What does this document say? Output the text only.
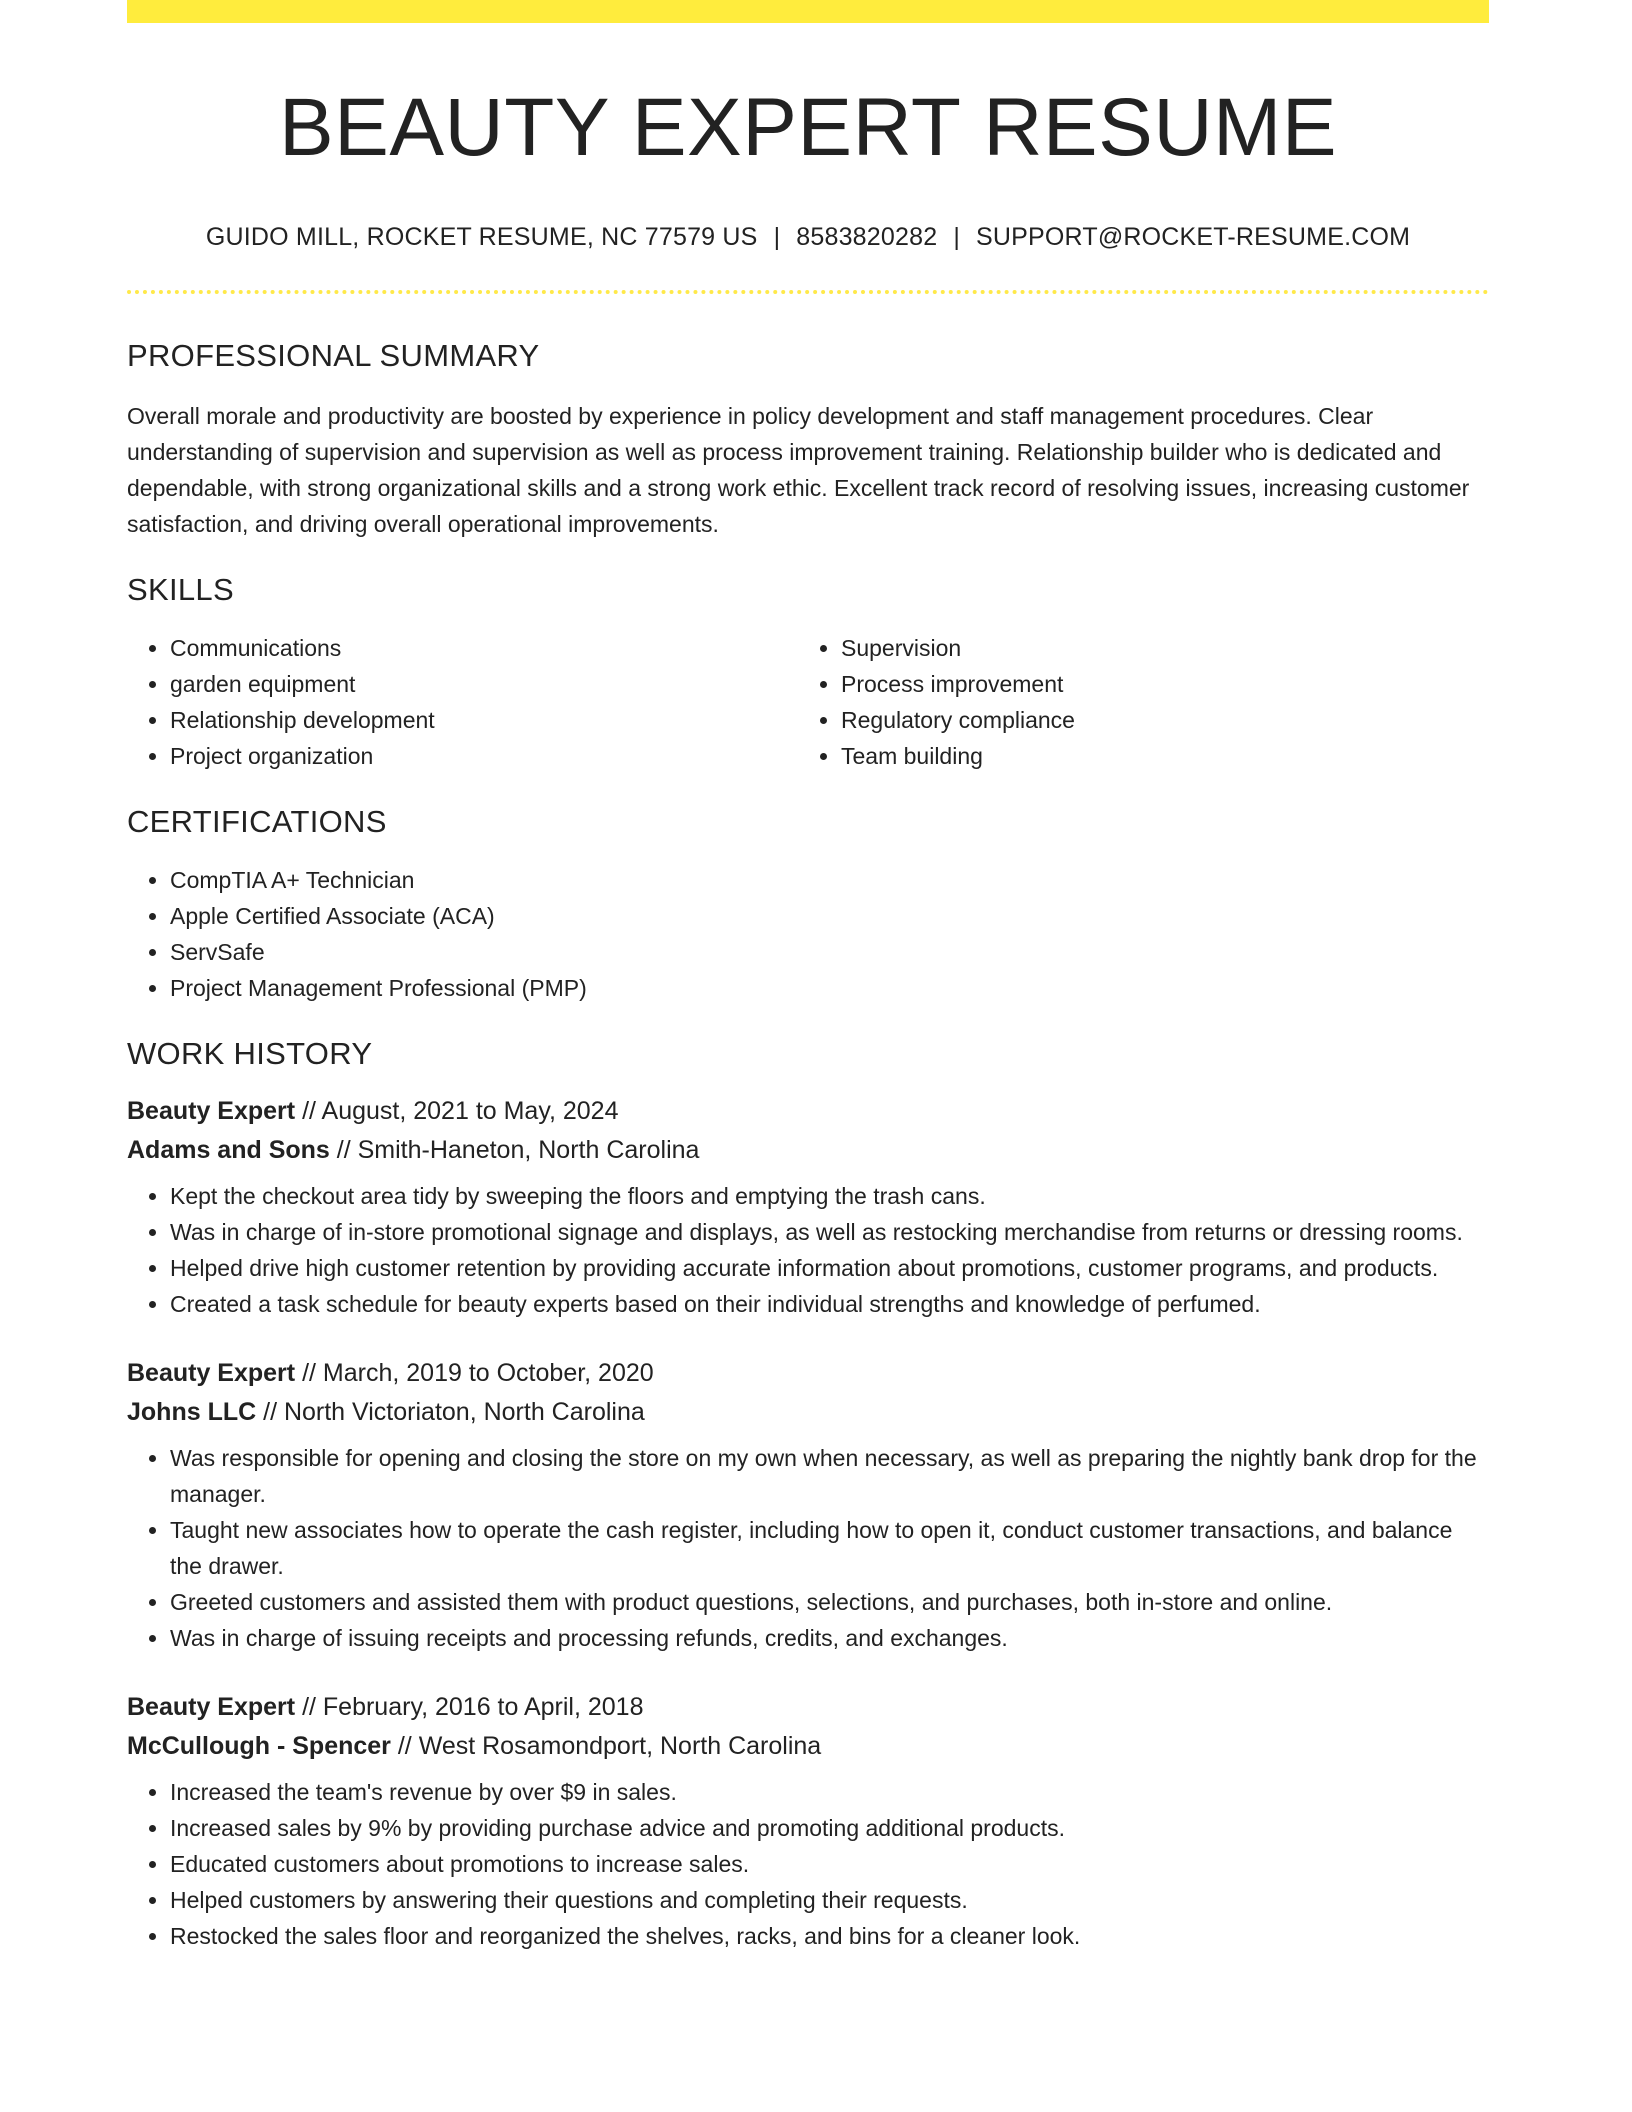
BEAUTY EXPERT RESUME
GUIDO MILL, ROCKET RESUME, NC 77579 US | 8583820282 | SUPPORT@ROCKET-RESUME.COM
PROFESSIONAL SUMMARY

Overall morale and productivity are boosted by experience in policy development and staff management procedures. Clear understanding of supervision and supervision as well as process improvement training. Relationship builder who is dedicated and dependable, with strong organizational skills and a strong work ethic. Excellent track record of resolving issues, increasing customer satisfaction, and driving overall operational improvements.

SKILLS
• Communications
• garden equipment
• Relationship development
• Project organization
• Supervision
• Process improvement
• Regulatory compliance
• Team building
CERTIFICATIONS
• CompTIA A+ Technician
• Apple Certified Associate (ACA)
• ServSafe
• Project Management Professional (PMP)
WORK HISTORY
Beauty Expert // August, 2021 to May, 2024
Adams and Sons // Smith-Haneton, North Carolina
• Kept the checkout area tidy by sweeping the floors and emptying the trash cans.
• Was in charge of in-store promotional signage and displays, as well as restocking merchandise from returns or dressing rooms.
• Helped drive high customer retention by providing accurate information about promotions, customer programs, and products.
• Created a task schedule for beauty experts based on their individual strengths and knowledge of perfumed.
Beauty Expert // March, 2019 to October, 2020
Johns LLC // North Victoriaton, North Carolina
• Was responsible for opening and closing the store on my own when necessary, as well as preparing the nightly bank drop for the manager.
• Taught new associates how to operate the cash register, including how to open it, conduct customer transactions, and balance the drawer.
• Greeted customers and assisted them with product questions, selections, and purchases, both in-store and online.
• Was in charge of issuing receipts and processing refunds, credits, and exchanges.
Beauty Expert // February, 2016 to April, 2018
McCullough - Spencer // West Rosamondport, North Carolina
• Increased the team's revenue by over $9 in sales.
• Increased sales by 9% by providing purchase advice and promoting additional products.
• Educated customers about promotions to increase sales.
• Helped customers by answering their questions and completing their requests.
• Restocked the sales floor and reorganized the shelves, racks, and bins for a cleaner look.
